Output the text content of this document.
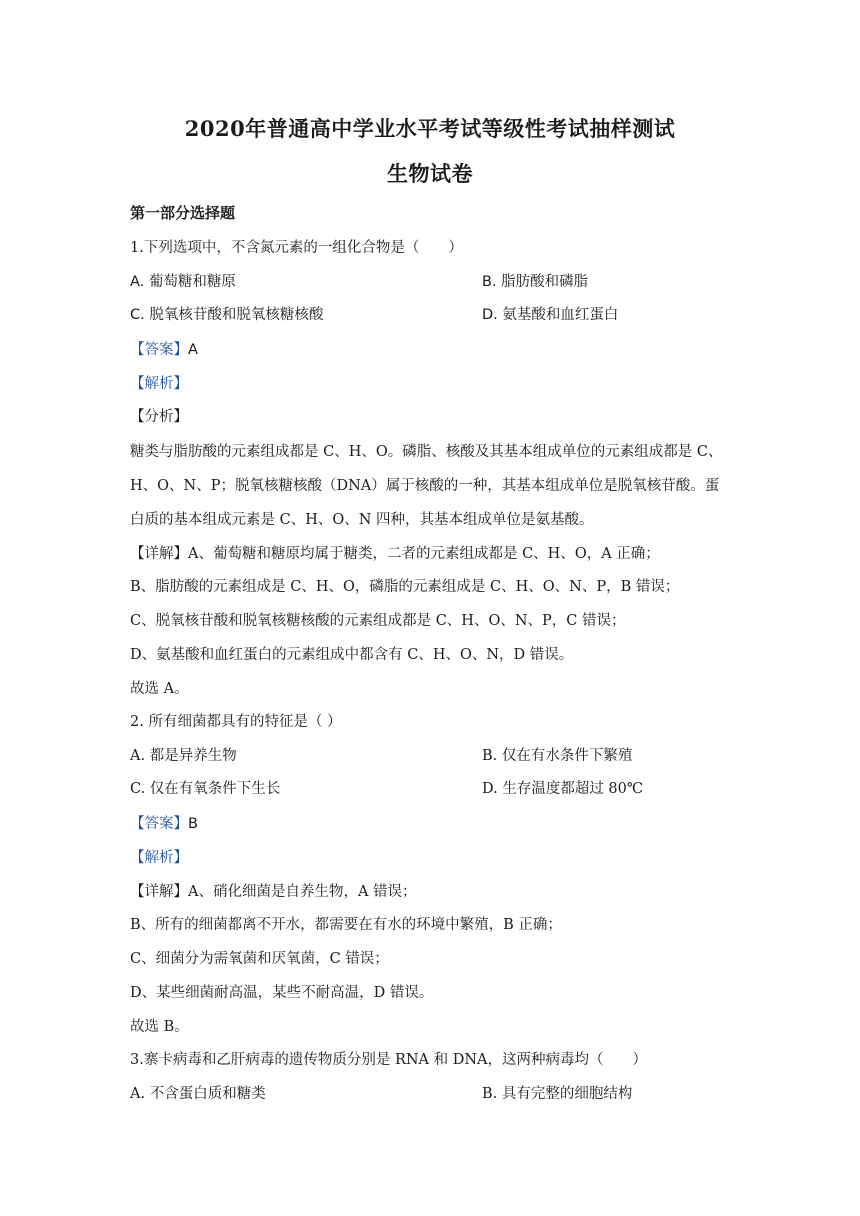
2020年普通高中学业水平考试等级性考试抽样测试
生物试卷
第一部分选择题
1.下列选项中，不含氮元素的一组化合物是（　　）
A. 葡萄糖和糖原	B. 脂肪酸和磷脂
C. 脱氧核苷酸和脱氧核糖核酸	D. 氨基酸和血红蛋白
【答案】A
【解析】
【分析】
糖类与脂肪酸的元素组成都是 C、H、O。磷脂、核酸及其基本组成单位的元素组成都是 C、
H、O、N、P；脱氧核糖核酸（DNA）属于核酸的一种，其基本组成单位是脱氧核苷酸。蛋
白质的基本组成元素是 C、H、O、N 四种，其基本组成单位是氨基酸。
【详解】A、葡萄糖和糖原均属于糖类，二者的元素组成都是 C、H、O，A 正确；
B、脂肪酸的元素组成是 C、H、O，磷脂的元素组成是 C、H、O、N、P，B 错误；
C、脱氧核苷酸和脱氧核糖核酸的元素组成都是 C、H、O、N、P，C 错误；
D、氨基酸和血红蛋白的元素组成中都含有 C、H、O、N，D 错误。
故选 A。
2. 所有细菌都具有的特征是（ ）
A. 都是异养生物	B. 仅在有水条件下繁殖
C. 仅在有氧条件下生长	D. 生存温度都超过 80℃
【答案】B
【解析】
【详解】A、硝化细菌是自养生物，A 错误；
B、所有的细菌都离不开水，都需要在有水的环境中繁殖，B 正确；
C、细菌分为需氧菌和厌氧菌，C 错误；
D、某些细菌耐高温，某些不耐高温，D 错误。
故选 B。
3.寨卡病毒和乙肝病毒的遗传物质分别是 RNA 和 DNA，这两种病毒均（　　）
A. 不含蛋白质和糖类	B. 具有完整的细胞结构
